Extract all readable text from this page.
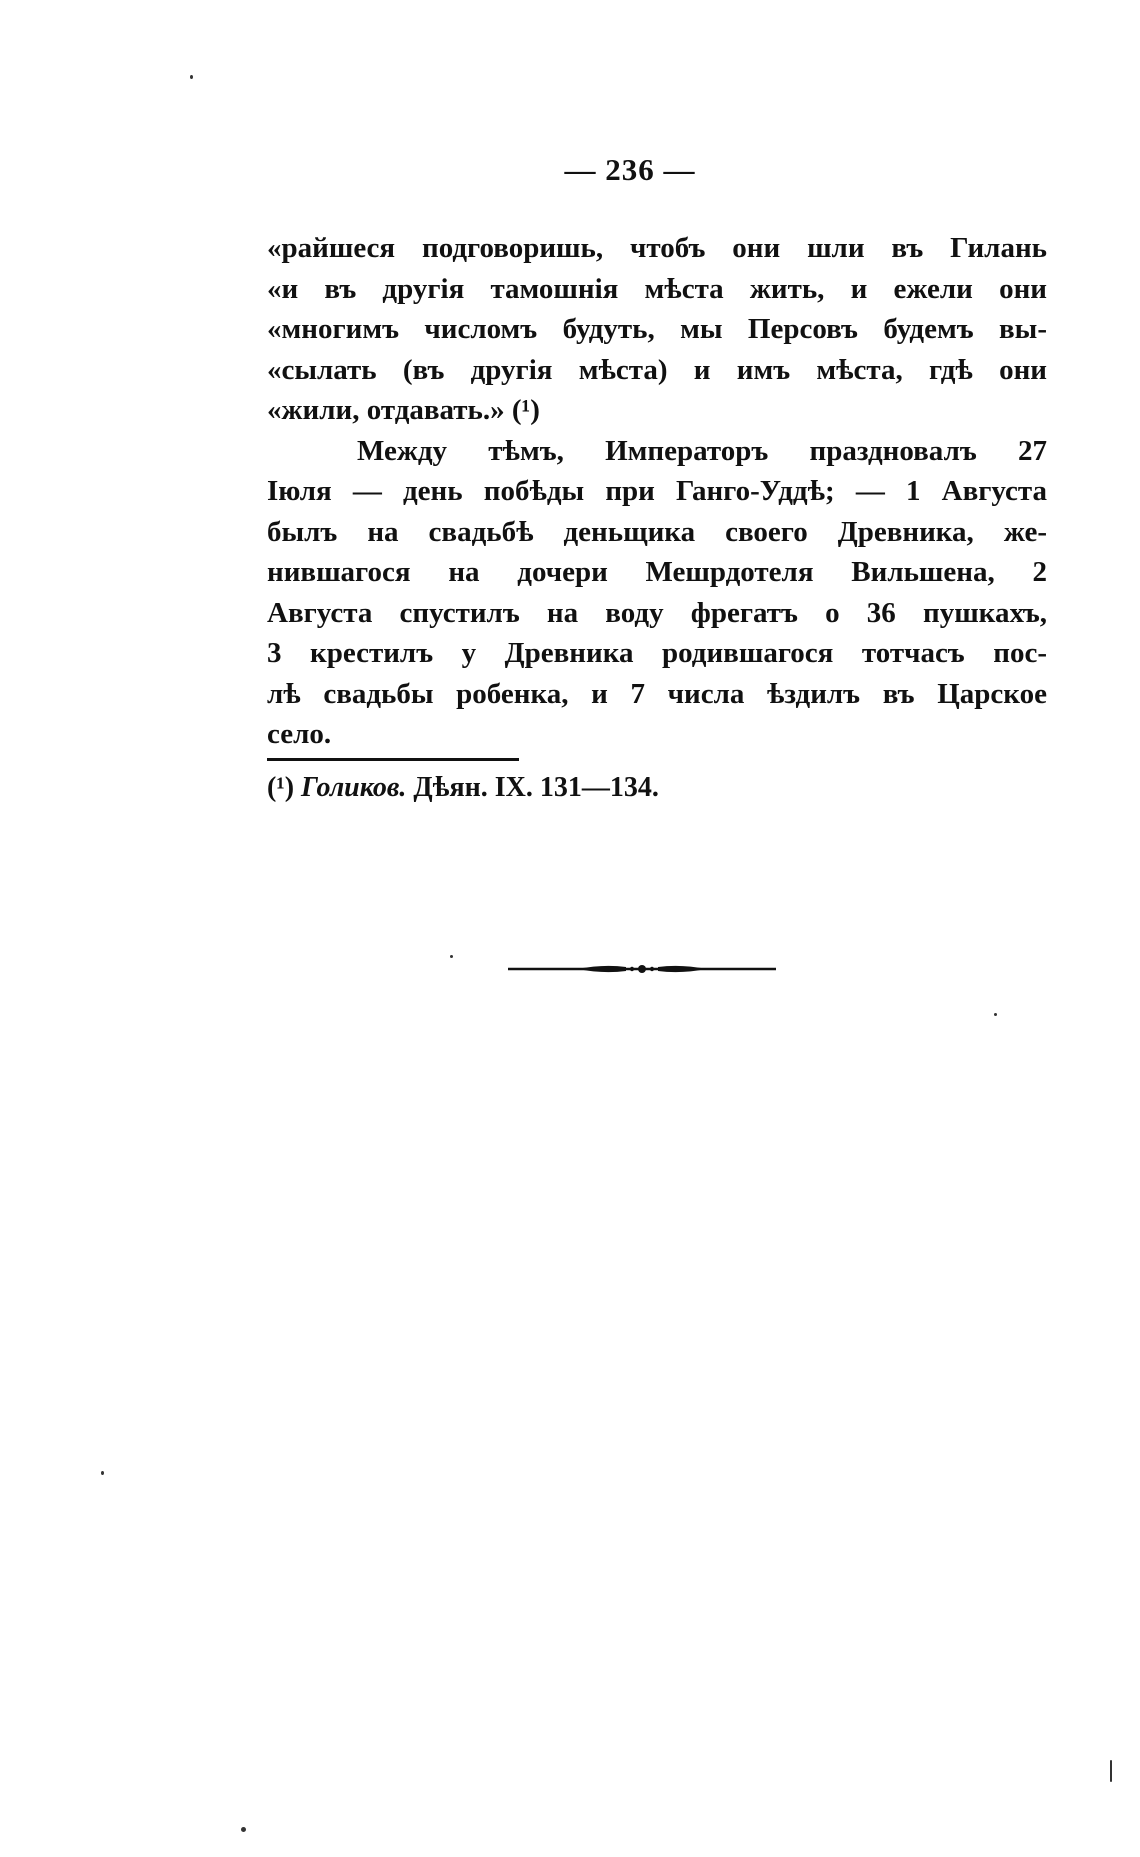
— 236 —
«райшеся подговоришь, чтобъ они шли въ Гилань
«и въ другія тамошнія мѣста жить, и ежели они
«многимъ числомъ будуть, мы Персовъ будемъ вы-
«сылать (въ другія мѣста) и имъ мѣста, гдѣ они
«жили, отдавать.» (¹)
Между тѣмъ, Императоръ праздновалъ 27
Іюля — день побѣды при Ганго-Уддѣ; — 1 Августа
былъ на свадьбѣ деньщика своего Древника, же-
нившагося на дочери Мешрдотеля Вильшена, 2
Августа спустилъ на воду фрегатъ о 36 пушкахъ,
3 крестилъ у Древника родившагося тотчасъ пос-
лѣ свадьбы робенка, и 7 числа ѣздилъ въ Царское
село.
(¹) Голиков. Дѣян. IX. 131—134.
